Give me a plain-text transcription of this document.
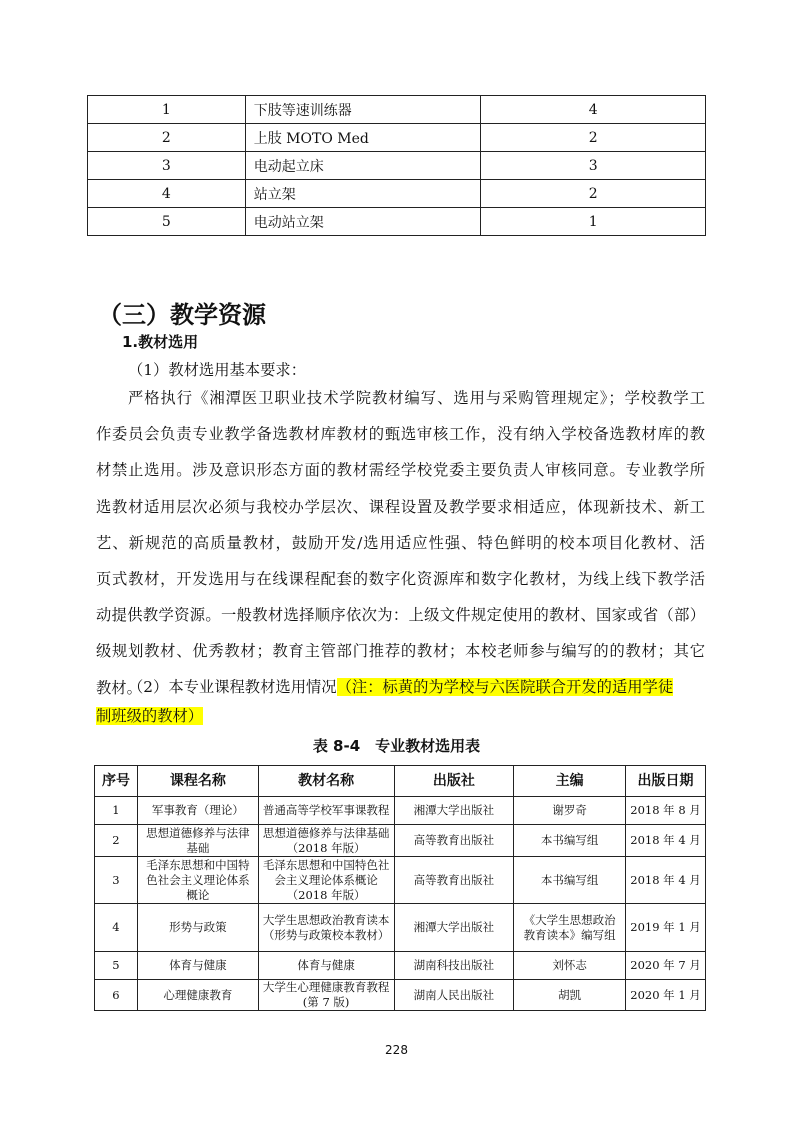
1	下肢等速训练器	4
2	上肢 MOTO Med	2
3	电动起立床	3
4	站立架	2
5	电动站立架	1
（三）教学资源
1.教材选用
（1）教材选用基本要求：
严格执行《湘潭医卫职业技术学院教材编写、选用与采购管理规定》；学校教学工
作委员会负责专业教学备选教材库教材的甄选审核工作，没有纳入学校备选教材库的教
材禁止选用。涉及意识形态方面的教材需经学校党委主要负责人审核同意。专业教学所
选教材适用层次必须与我校办学层次、课程设置及教学要求相适应，体现新技术、新工
艺、新规范的高质量教材，鼓励开发/选用适应性强、特色鲜明的校本项目化教材、活
页式教材，开发选用与在线课程配套的数字化资源库和数字化教材，为线上线下教学活
动提供教学资源。一般教材选择顺序依次为：上级文件规定使用的教材、国家或省（部）
级规划教材、优秀教材；教育主管部门推荐的教材；本校老师参与编写的的教材；其它
教材。
（2）本专业课程教材选用情况（注：标黄的为学校与六医院联合开发的适用学徒
制班级的教材）
表 8-4　专业教材选用表
序号	课程名称	教材名称	出版社	主编	出版日期
1	军事教育（理论）	普通高等学校军事课教程	湘潭大学出版社	谢罗奇	2018 年 8 月
2	思想道德修养与法律基础	思想道德修养与法律基础（2018 年版）	高等教育出版社	本书编写组	2018 年 4 月
3	毛泽东思想和中国特色社会主义理论体系概论	毛泽东思想和中国特色社会主义理论体系概论（2018 年版）	高等教育出版社	本书编写组	2018 年 4 月
4	形势与政策	大学生思想政治教育读本（形势与政策校本教材）	湘潭大学出版社	《大学生思想政治教育读本》编写组	2019 年 1 月
5	体育与健康	体育与健康	湖南科技出版社	刘怀志	2020 年 7 月
6	心理健康教育	大学生心理健康教育教程(第 7 版)	湖南人民出版社	胡凯	2020 年 1 月
228
